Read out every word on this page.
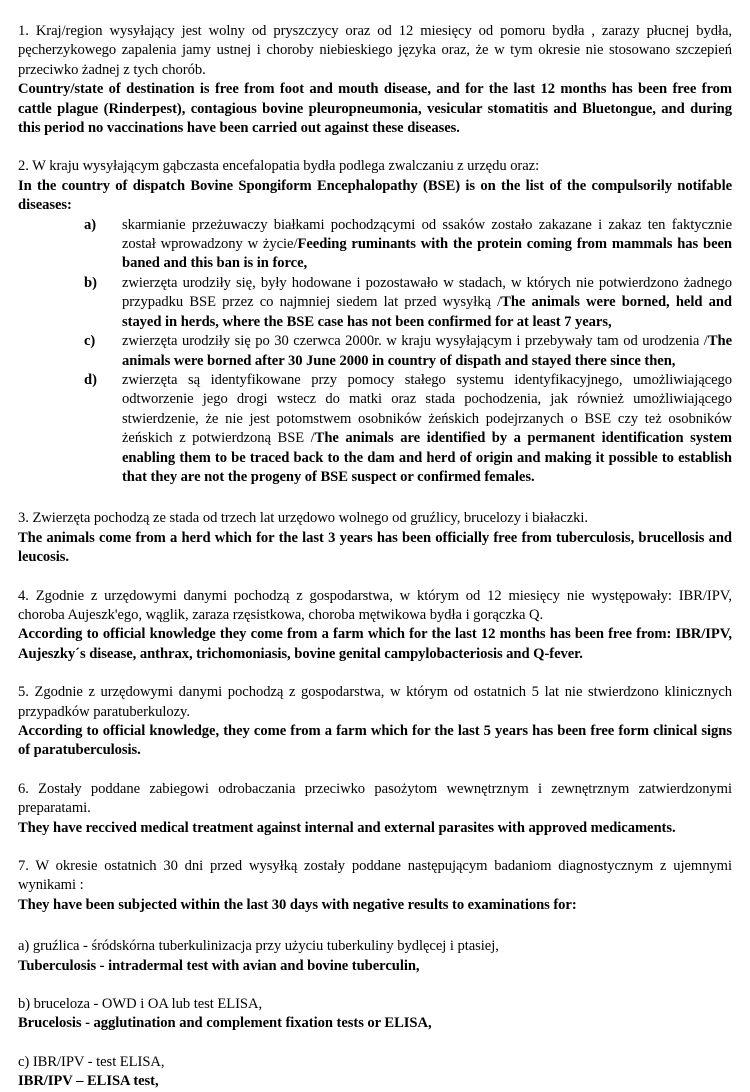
1. Kraj/region wysyłający jest wolny od pryszczycy oraz od 12 miesięcy od pomoru bydła , zarazy płucnej bydła, pęcherzykowego zapalenia jamy ustnej i choroby niebieskiego języka oraz, że w tym okresie nie stosowano szczepień przeciwko żadnej z tych chorób.

Country/state of destination is free from foot and mouth disease, and for the last 12 months has been free from cattle plague (Rinderpest), contagious bovine pleuropneumonia, vesicular stomatitis and Bluetongue, and during this period no vaccinations have been carried out against these diseases.

2. W kraju wysyłającym gąbczasta encefalopatia bydła podlega zwalczaniu z urzędu oraz:

In the country of dispatch Bovine Spongiform Encephalopathy (BSE) is on the list of the compulsorily notifable diseases:

a) skarmianie przeżuwaczy białkami pochodzącymi od ssaków zostało zakazane i zakaz ten faktycznie został wprowadzony w życie/Feeding ruminants with the protein coming from mammals has been baned and this ban is in force,
b) zwierzęta urodziły się, były hodowane i pozostawało w stadach, w których nie potwierdzono żadnego przypadku BSE przez co najmniej siedem lat przed wysyłką /The animals were borned, held and stayed in herds, where the BSE case has not been confirmed for at least 7 years,
c) zwierzęta urodziły się po 30 czerwca 2000r. w kraju wysyłającym i przebywały tam od urodzenia /The animals were borned after 30 June 2000 in country of dispath and stayed there since then,
d) zwierzęta są identyfikowane przy pomocy stałego systemu identyfikacyjnego, umożliwiającego odtworzenie jego drogi wstecz do matki oraz stada pochodzenia, jak również umożliwiającego stwierdzenie, że nie jest potomstwem osobników żeńskich podejrzanych o BSE czy też osobników żeńskich z potwierdzoną BSE /The animals are identified by a permanent identification system enabling them to be traced back to the dam and herd of origin and making it possible to establish that they are not the progeny of BSE suspect or confirmed females.

3. Zwierzęta pochodzą ze stada od trzech lat urzędowo wolnego od gruźlicy, brucelozy i białaczki.

The animals come from a herd which for the last 3 years has been officially free from tuberculosis, brucellosis and leucosis.

4. Zgodnie z urzędowymi danymi pochodzą z gospodarstwa, w którym od 12 miesięcy nie występowały: IBR/IPV, choroba Aujeszk'ego, wąglik, zaraza rzęsistkowa, choroba mętwikowa bydła i gorączka Q.

According to official knowledge they come from a farm which for the last 12 months has been free from: IBR/IPV, Aujeszky´s disease, anthrax, trichomoniasis, bovine genital campylobacteriosis and Q-fever.

5. Zgodnie z urzędowymi danymi pochodzą z gospodarstwa, w którym od ostatnich 5 lat nie stwierdzono klinicznych przypadków paratuberkulozy.

According to official knowledge, they come from a farm which for the last 5 years has been free form clinical signs of paratuberculosis.

6. Zostały poddane zabiegowi odrobaczania przeciwko pasożytom wewnętrznym i zewnętrznym zatwierdzonymi preparatami.

They have reccived medical treatment against internal and external parasites with approved medicaments.

7. W okresie ostatnich 30 dni przed wysyłką zostały poddane następującym badaniom diagnostycznym z ujemnymi wynikami :

They have been subjected within the last 30 days with negative results to examinations for:

a) gruźlica - śródskórna tuberkulinizacja przy użyciu tuberkuliny bydlęcej i ptasiej,

Tuberculosis - intradermal test with avian and bovine tuberculin,

b) bruceloza - OWD i OA lub test ELISA,

Brucelosis - agglutination and complement fixation tests or ELISA,

c) IBR/IPV - test ELISA,

IBR/IPV – ELISA test,
